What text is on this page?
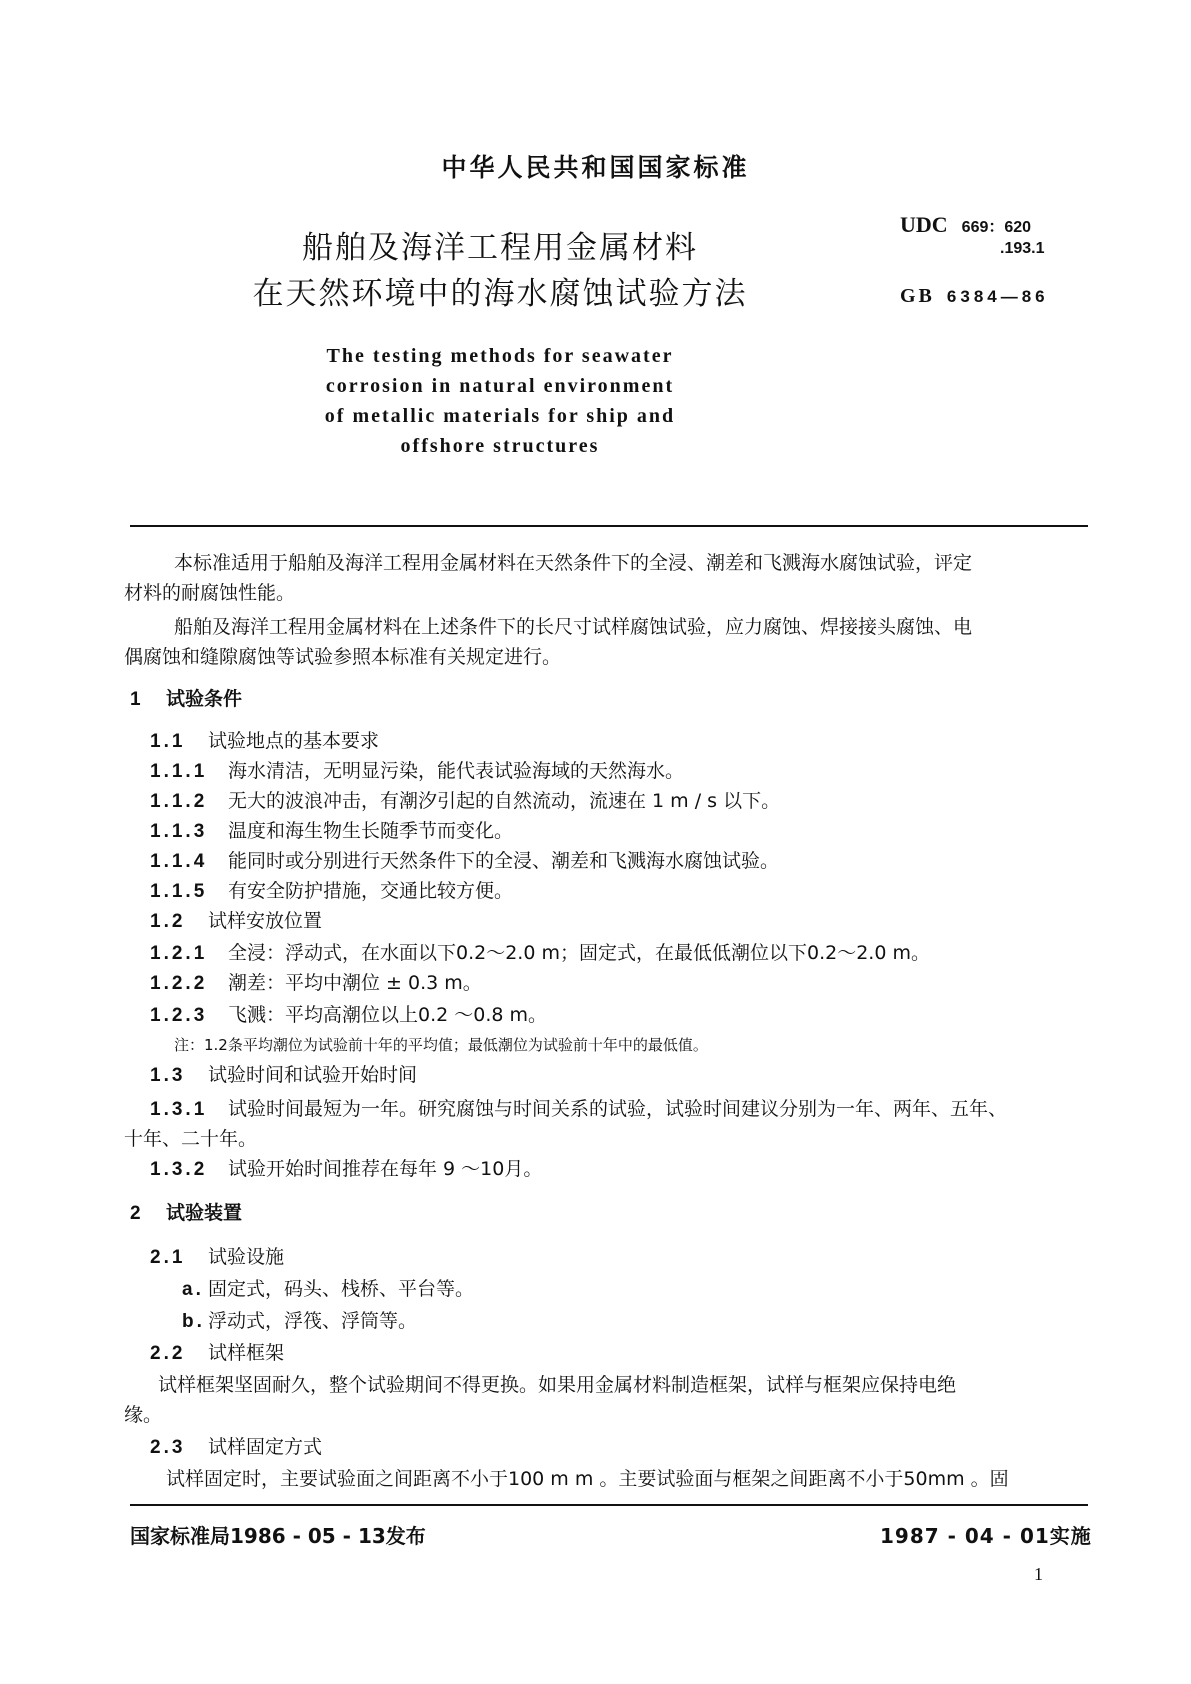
中华人民共和国国家标准
船舶及海洋工程用金属材料
在天然环境中的海水腐蚀试验方法
UDC 669：620
.193.1
GB 6384—86
The testing methods for seawater
corrosion in natural environment
of metallic materials for ship and
offshore structures
本标准适用于船舶及海洋工程用金属材料在天然条件下的全浸、潮差和飞溅海水腐蚀试验，评定
材料的耐腐蚀性能。
船舶及海洋工程用金属材料在上述条件下的长尺寸试样腐蚀试验，应力腐蚀、焊接接头腐蚀、电
偶腐蚀和缝隙腐蚀等试验参照本标准有关规定进行。
1 试验条件
1.1 试验地点的基本要求
1.1.1 海水清洁，无明显污染，能代表试验海域的天然海水。
1.1.2 无大的波浪冲击，有潮汐引起的自然流动，流速在 1 m / s 以下。
1.1.3 温度和海生物生长随季节而变化。
1.1.4 能同时或分别进行天然条件下的全浸、潮差和飞溅海水腐蚀试验。
1.1.5 有安全防护措施，交通比较方便。
1.2 试样安放位置
1.2.1 全浸：浮动式，在水面以下0.2～2.0 m；固定式，在最低低潮位以下0.2～2.0 m。
1.2.2 潮差：平均中潮位 ± 0.3 m。
1.2.3 飞溅：平均高潮位以上0.2 ～0.8 m。
注：1.2条平均潮位为试验前十年的平均值；最低潮位为试验前十年中的最低值。
1.3 试验时间和试验开始时间
1.3.1 试验时间最短为一年。研究腐蚀与时间关系的试验，试验时间建议分别为一年、两年、五年、
十年、二十年。
1.3.2 试验开始时间推荐在每年 9 ～10月。
2 试验装置
2.1 试验设施
a. 固定式，码头、栈桥、平台等。
b. 浮动式，浮筏、浮筒等。
2.2 试样框架
试样框架坚固耐久，整个试验期间不得更换。如果用金属材料制造框架，试样与框架应保持电绝
缘。
2.3 试样固定方式
试样固定时，主要试验面之间距离不小于100 m m 。主要试验面与框架之间距离不小于50mm 。固
国家标准局1986 - 05 - 13发布	1987 - 04 - 01实施
1
